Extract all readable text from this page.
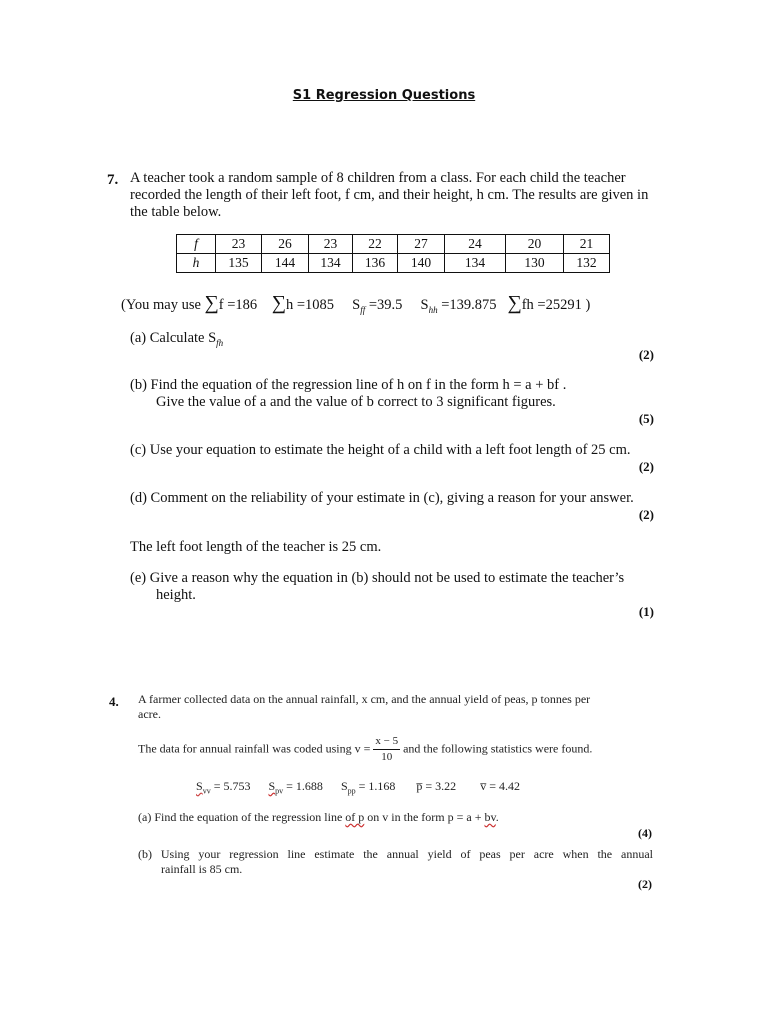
S1 Regression Questions
7. A teacher took a random sample of 8 children from a class. For each child the teacher
recorded the length of their left foot, f cm, and their height, h cm. The results are given in
the table below.
f	23	26	23	22	27	24	20	21
h	135	144	134	136	140	134	130	132
(You may use ∑f =186 ∑h =1085 $S_{ff} =39.5$ $S_{hh} =139.875$ ∑fh =25291 )
(a) Calculate $S_{fh}$
(2)
(b) Find the equation of the regression line of h on f in the form h = a + bf .
Give the value of a and the value of b correct to 3 significant figures.
(5)
(c) Use your equation to estimate the height of a child with a left foot length of 25 cm.
(2)
(d) Comment on the reliability of your estimate in (c), giving a reason for your answer.
(2)
The left foot length of the teacher is 25 cm.
(e) Give a reason why the equation in (b) should not be used to estimate the teacher’s
height.
(1)
4. A farmer collected data on the annual rainfall, x cm, and the annual yield of peas, p tonnes per
acre.
The data for annual rainfall was coded using $v = \frac{x - 5}{10}$ and the following statistics were found.
$S_{vv} = 5.753$ $S_{pv} = 1.688$ $S_{pp} = 1.168$ p̅ = 3.22 v̅ = 4.42
(a) Find the equation of the regression line of p on v in the form p = a + bv.
(4)
(b) Using your regression line estimate the annual yield of peas per acre when the annual
rainfall is 85 cm.
(2)
